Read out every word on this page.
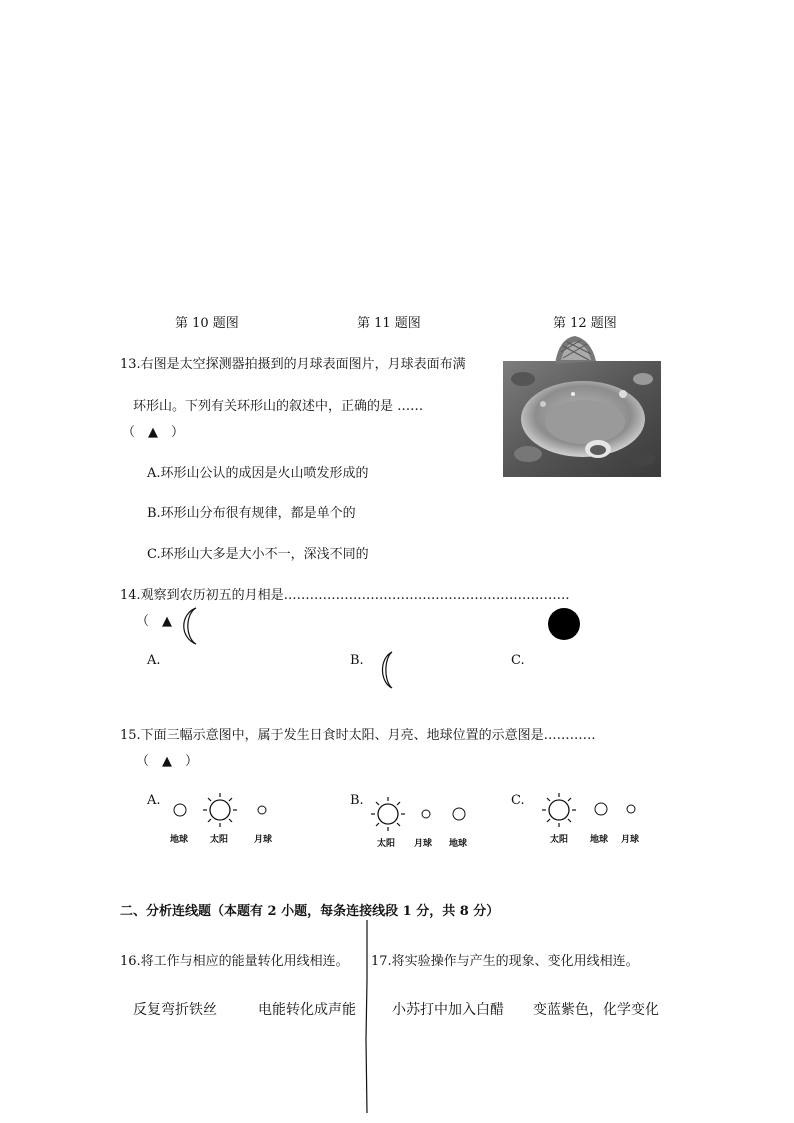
第 10 题图	第 11 题图	第 12 题图
13.右图是太空探测器拍摄到的月球表面图片，月球表面布满
环形山。下列有关环形山的叙述中，正确的是 ……
（　▲　）
A.环形山公认的成因是火山喷发形成的
B.环形山分布很有规律，都是单个的
C.环形山大多是大小不一，深浅不同的
14.观察到农历初五的月相是…………………………………………………………
（　▲
A.	B.	C.
15.下面三幅示意图中，属于发生日食时太阳、月亮、地球位置的示意图是…………
（　▲　）
A.	B.	C.
地球 太阳	月球	太阳 月球 地球	太阳 地球 月球
二、分析连线题（本题有 2 小题，每条连接线段 1 分，共 8 分）
16.将工作与相应的能量转化用线相连。
反复弯折铁丝	电能转化成声能
17.将实验操作与产生的现象、变化用线相连。
小苏打中加入白醋 变蓝紫色，化学变化
